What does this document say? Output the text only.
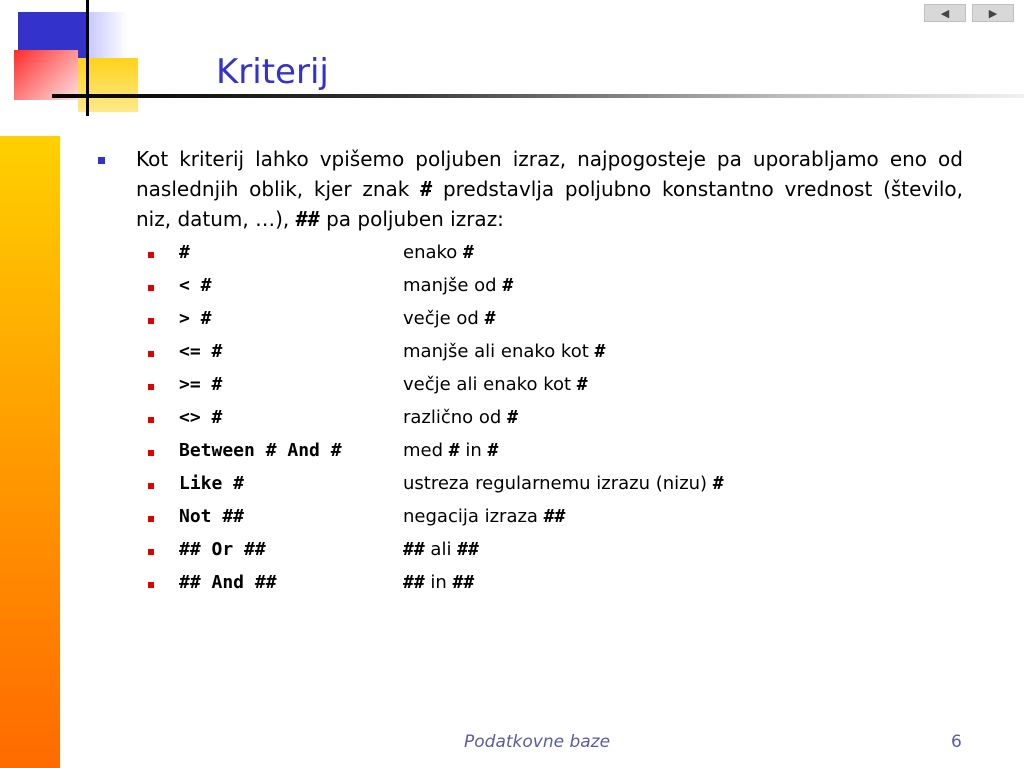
◀	▶
Kriterij
Kot kriterij lahko vpišemo poljuben izraz, najpogosteje pa uporabljamo eno od naslednjih oblik, kjer znak # predstavlja poljubno konstantno vrednost (število, niz, datum, …), ## pa poljuben izraz:
#	enako #
< #	manjše od #
> #	večje od #
<= #	manjše ali enako kot #
>= #	večje ali enako kot #
<> #	različno od #
Between # And #	med # in #
Like #	ustreza regularnemu izrazu (nizu) #
Not ##	negacija izraza ##
## Or ##	## ali ##
## And ##	## in ##
Podatkovne baze	6
